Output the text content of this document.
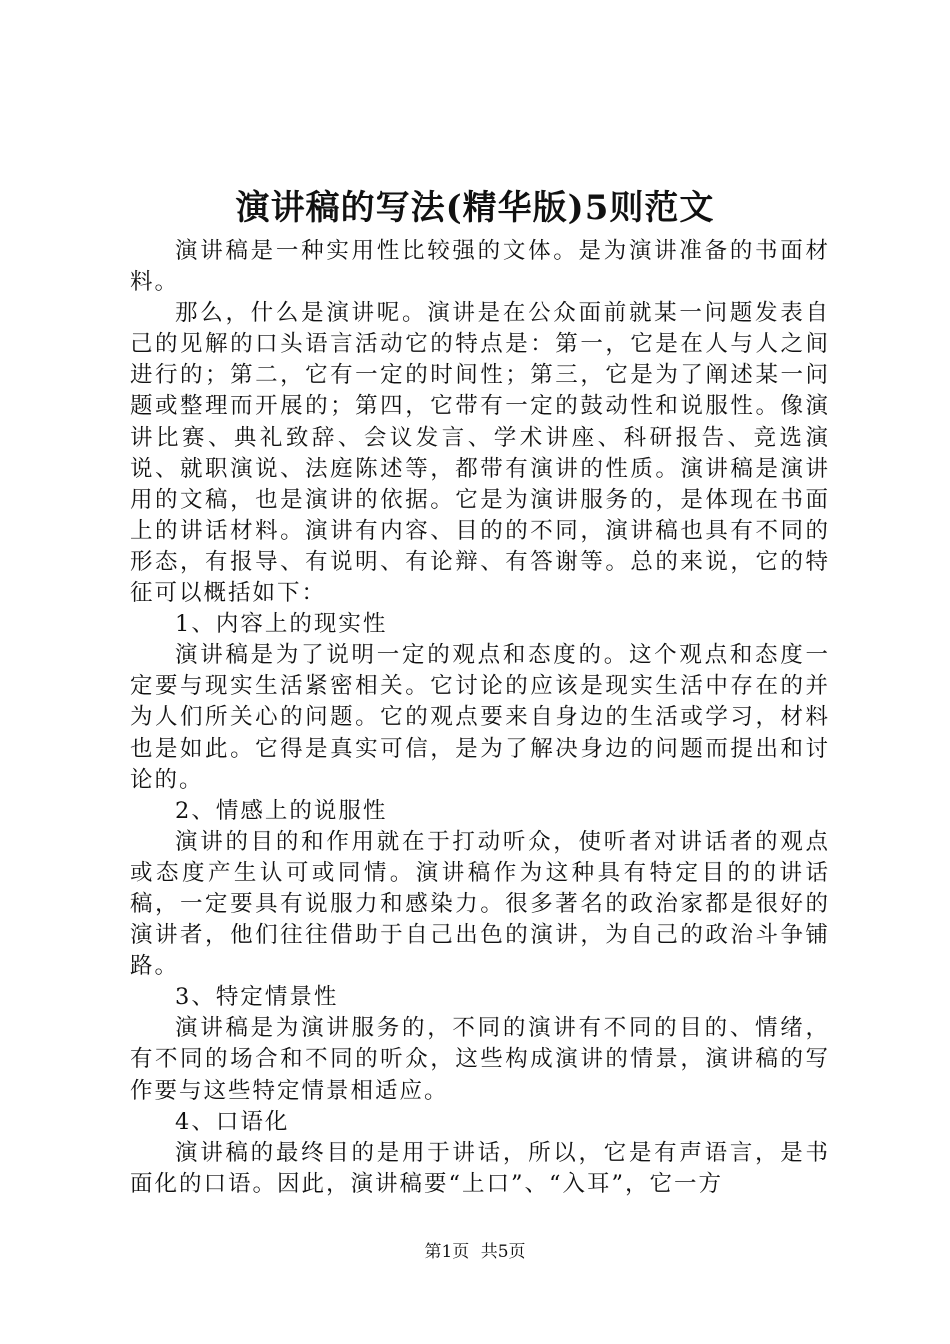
演讲稿的写法(精华版)5则范文

演讲稿是一种实用性比较强的文体。是为演讲准备的书面材料。

那么，什么是演讲呢。演讲是在公众面前就某一问题发表自己的见解的口头语言活动它的特点是：第一，它是在人与人之间进行的；第二，它有一定的时间性；第三，它是为了阐述某一问题或整理而开展的；第四，它带有一定的鼓动性和说服性。像演讲比赛、典礼致辞、会议发言、学术讲座、科研报告、竞选演说、就职演说、法庭陈述等，都带有演讲的性质。演讲稿是演讲用的文稿，也是演讲的依据。它是为演讲服务的，是体现在书面上的讲话材料。演讲有内容、目的的不同，演讲稿也具有不同的形态，有报导、有说明、有论辩、有答谢等。总的来说，它的特征可以概括如下：

1、内容上的现实性

演讲稿是为了说明一定的观点和态度的。这个观点和态度一定要与现实生活紧密相关。它讨论的应该是现实生活中存在的并为人们所关心的问题。它的观点要来自身边的生活或学习，材料也是如此。它得是真实可信，是为了解决身边的问题而提出和讨论的。

2、情感上的说服性

演讲的目的和作用就在于打动听众，使听者对讲话者的观点或态度产生认可或同情。演讲稿作为这种具有特定目的的讲话稿，一定要具有说服力和感染力。很多著名的政治家都是很好的演讲者，他们往往借助于自己出色的演讲，为自己的政治斗争铺路。

3、特定情景性

演讲稿是为演讲服务的，不同的演讲有不同的目的、情绪，有不同的场合和不同的听众，这些构成演讲的情景，演讲稿的写作要与这些特定情景相适应。

4、口语化

演讲稿的最终目的是用于讲话，所以，它是有声语言，是书面化的口语。因此，演讲稿要“上口”、“入耳”，它一方

第1页 共5页
